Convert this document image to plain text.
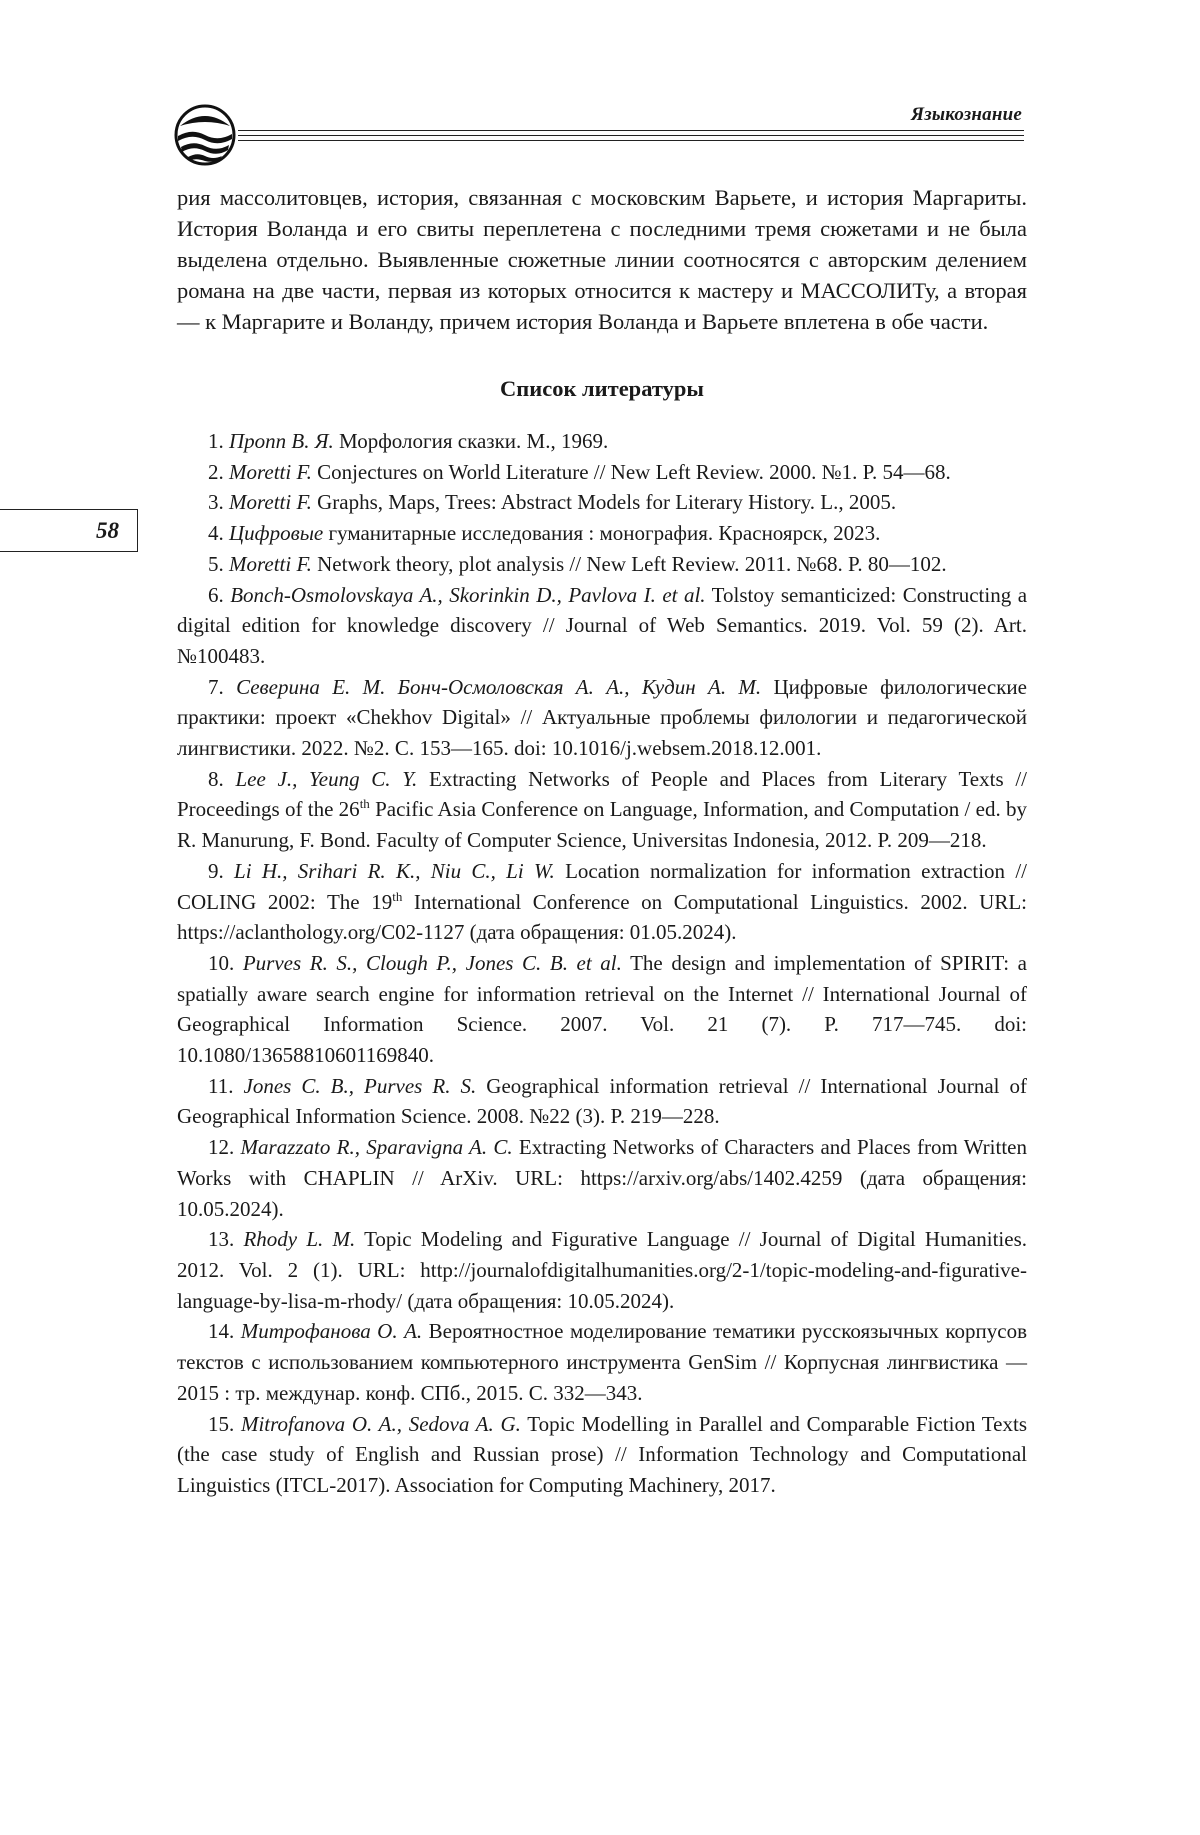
Языкознание
58

рия массолитовцев, история, связанная с московским Варьете, и история Маргариты. История Воланда и его свиты переплетена с последними тремя сюжетами и не была выделена отдельно. Выявленные сюжетные линии соотносятся с авторским делением романа на две части, первая из которых относится к мастеру и МАССОЛИТу, а вторая — к Маргарите и Воланду, причем история Воланда и Варьете вплетена в обе части.

Список литературы
1. Пропп В. Я. Морфология сказки. М., 1969.
2. Moretti F. Conjectures on World Literature // New Left Review. 2000. №1. P. 54—68.
3. Moretti F. Graphs, Maps, Trees: Abstract Models for Literary History. L., 2005.
4. Цифровые гуманитарные исследования : монография. Красноярск, 2023.
5. Moretti F. Network theory, plot analysis // New Left Review. 2011. №68. P. 80—102.
6. Bonch-Osmolovskaya A., Skorinkin D., Pavlova I. et al. Tolstoy semanticized: Constructing a digital edition for knowledge discovery // Journal of Web Semantics. 2019. Vol. 59 (2). Art. №100483.
7. Северина Е. М. Бонч-Осмоловская А. А., Кудин А. М. Цифровые филологические практики: проект «Chekhov Digital» // Актуальные проблемы филологии и педагогической лингвистики. 2022. №2. С. 153—165. doi: 10.1016/j.websem.2018.12.001.
8. Lee J., Yeung C. Y. Extracting Networks of People and Places from Literary Texts // Proceedings of the 26th Pacific Asia Conference on Language, Information, and Computation / ed. by R. Manurung, F. Bond. Faculty of Computer Science, Universitas Indonesia, 2012. P. 209—218.
9. Li H., Srihari R. K., Niu C., Li W. Location normalization for information extraction // COLING 2002: The 19th International Conference on Computational Linguistics. 2002. URL: https://aclanthology.org/C02-1127 (дата обращения: 01.05.2024).
10. Purves R. S., Clough P., Jones C. B. et al. The design and implementation of SPIRIT: a spatially aware search engine for information retrieval on the Internet // International Journal of Geographical Information Science. 2007. Vol. 21 (7). P. 717—745. doi: 10.1080/13658810601169840.
11. Jones C. B., Purves R. S. Geographical information retrieval // International Journal of Geographical Information Science. 2008. №22 (3). P. 219—228.
12. Marazzato R., Sparavigna A. C. Extracting Networks of Characters and Places from Written Works with CHAPLIN // ArXiv. URL: https://arxiv.org/abs/1402.4259 (дата обращения: 10.05.2024).
13. Rhody L. M. Topic Modeling and Figurative Language // Journal of Digital Humanities. 2012. Vol. 2 (1). URL: http://journalofdigitalhumanities.org/2-1/topic-modeling-and-figurative-language-by-lisa-m-rhody/ (дата обращения: 10.05.2024).
14. Митрофанова О. А. Вероятностное моделирование тематики русскоязычных корпусов текстов с использованием компьютерного инструмента GenSim // Корпусная лингвистика — 2015 : тр. междунар. конф. СПб., 2015. С. 332—343.
15. Mitrofanova O. A., Sedova A. G. Topic Modelling in Parallel and Comparable Fiction Texts (the case study of English and Russian prose) // Information Technology and Computational Linguistics (ITCL-2017). Association for Computing Machinery, 2017.
